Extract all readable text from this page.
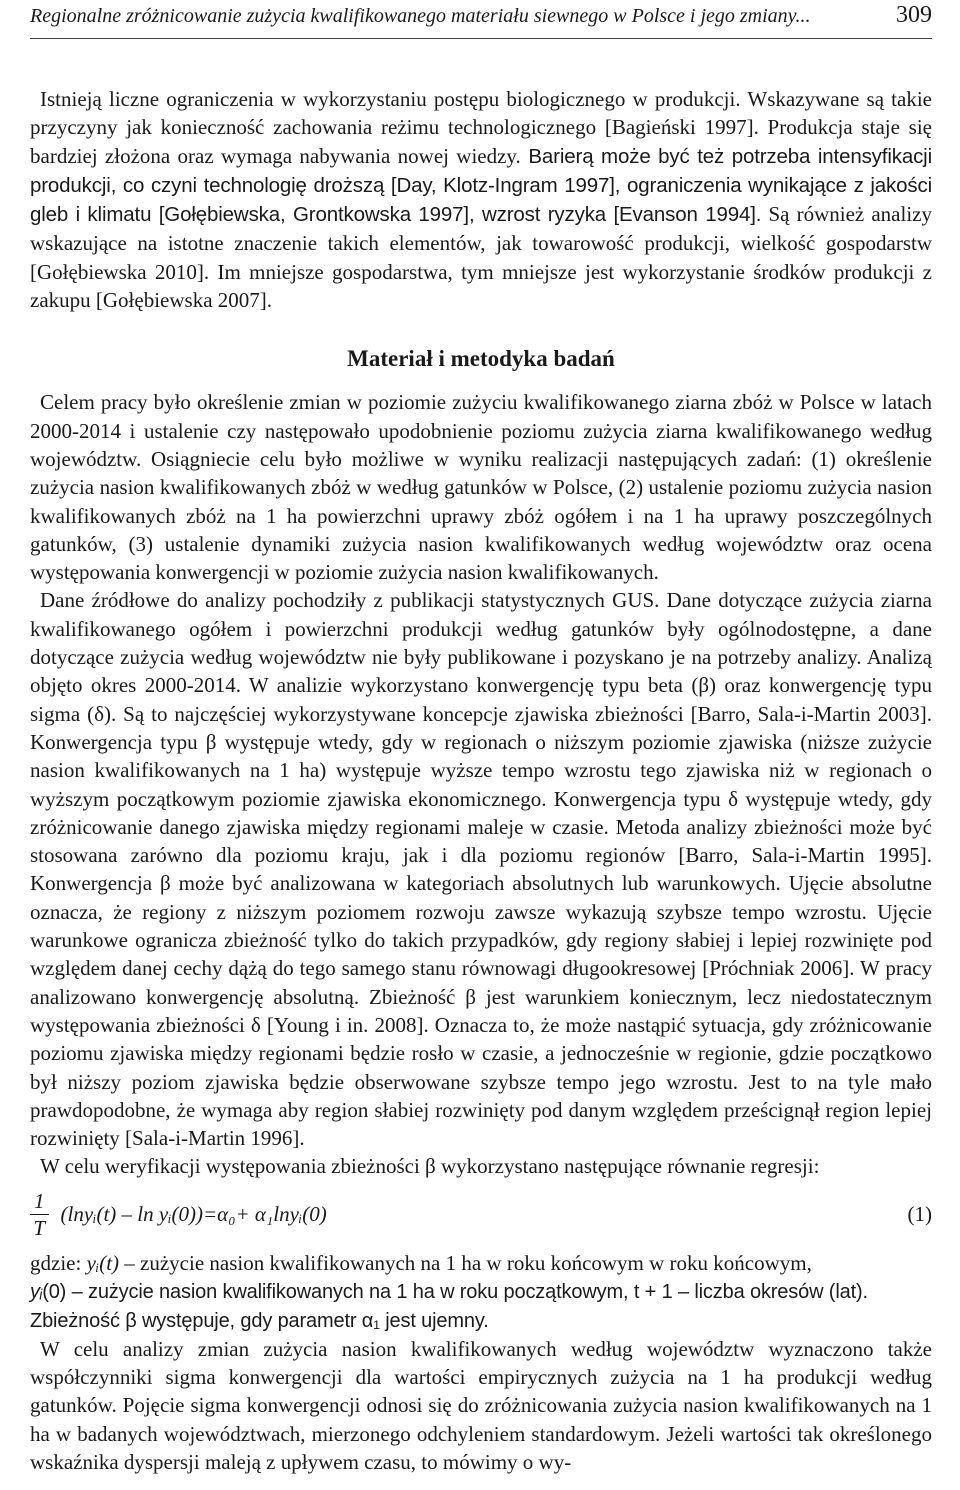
Regionalne zróżnicowanie zużycia kwalifikowanego materiału siewnego w Polsce i jego zmiany...	309

Istnieją liczne ograniczenia w wykorzystaniu postępu biologicznego w produkcji. Wskazywane są takie przyczyny jak konieczność zachowania reżimu technologicznego [Bagieński 1997]. Produkcja staje się bardziej złożona oraz wymaga nabywania nowej wiedzy. Barierą może być też potrzeba intensyfikacji produkcji, co czyni technologię droższą [Day, Klotz-Ingram 1997], ograniczenia wynikające z jakości gleb i klimatu [Gołębiewska, Grontkowska 1997], wzrost ryzyka [Evanson 1994]. Są również analizy wskazujące na istotne znaczenie takich elementów, jak towarowość produkcji, wielkość gospodarstw [Gołębiewska 2010]. Im mniejsze gospodarstwa, tym mniejsze jest wykorzystanie środków produkcji z zakupu [Gołębiewska 2007].

Materiał i metodyka badań

Celem pracy było określenie zmian w poziomie zużyciu kwalifikowanego ziarna zbóż w Polsce w latach 2000-2014 i ustalenie czy następowało upodobnienie poziomu zużycia ziarna kwalifikowanego według województw. Osiągniecie celu było możliwe w wyniku realizacji następujących zadań: (1) określenie zużycia nasion kwalifikowanych zbóż w według gatunków w Polsce, (2) ustalenie poziomu zużycia nasion kwalifikowanych zbóż na 1 ha powierzchni uprawy zbóż ogółem i na 1 ha uprawy poszczególnych gatunków, (3) ustalenie dynamiki zużycia nasion kwalifikowanych według województw oraz ocena występowania konwergencji w poziomie zużycia nasion kwalifikowanych.

Dane źródłowe do analizy pochodziły z publikacji statystycznych GUS. Dane dotyczące zużycia ziarna kwalifikowanego ogółem i powierzchni produkcji według gatunków były ogólnodostępne, a dane dotyczące zużycia według województw nie były publikowane i pozyskano je na potrzeby analizy. Analizą objęto okres 2000-2014. W analizie wykorzystano konwergencję typu beta (β) oraz konwergencję typu sigma (δ). Są to najczęściej wykorzystywane koncepcje zjawiska zbieżności [Barro, Sala-i-Martin 2003]. Konwergencja typu β występuje wtedy, gdy w regionach o niższym poziomie zjawiska (niższe zużycie nasion kwalifikowanych na 1 ha) występuje wyższe tempo wzrostu tego zjawiska niż w regionach o wyższym początkowym poziomie zjawiska ekonomicznego. Konwergencja typu δ występuje wtedy, gdy zróżnicowanie danego zjawiska między regionami maleje w czasie. Metoda analizy zbieżności może być stosowana zarówno dla poziomu kraju, jak i dla poziomu regionów [Barro, Sala-i-Martin 1995]. Konwergencja β może być analizowana w kategoriach absolutnych lub warunkowych. Ujęcie absolutne oznacza, że regiony z niższym poziomem rozwoju zawsze wykazują szybsze tempo wzrostu. Ujęcie warunkowe ogranicza zbieżność tylko do takich przypadków, gdy regiony słabiej i lepiej rozwinięte pod względem danej cechy dążą do tego samego stanu równowagi długookresowej [Próchniak 2006]. W pracy analizowano konwergencję absolutną. Zbieżność β jest warunkiem koniecznym, lecz niedostatecznym występowania zbieżności δ [Young i in. 2008]. Oznacza to, że może nastąpić sytuacja, gdy zróżnicowanie poziomu zjawiska między regionami będzie rosło w czasie, a jednocześnie w regionie, gdzie początkowo był niższy poziom zjawiska będzie obserwowane szybsze tempo jego wzrostu. Jest to na tyle mało prawdopodobne, że wymaga aby region słabiej rozwinięty pod danym względem prześcignął region lepiej rozwinięty [Sala-i-Martin 1996].

W celu weryfikacji występowania zbieżności β wykorzystano następujące równanie regresji:

$\frac{1}{T}$ (lnyᵢ(t) – ln yᵢ(0))=α₀+ α₁lnyᵢ(0)	(1)

gdzie: yᵢ(t) – zużycie nasion kwalifikowanych na 1 ha w roku końcowym w roku końcowym,
yᵢ(0) – zużycie nasion kwalifikowanych na 1 ha w roku początkowym, t + 1 – liczba okresów (lat).
Zbieżność β występuje, gdy parametr α₁ jest ujemny.

W celu analizy zmian zużycia nasion kwalifikowanych według województw wyznaczono także współczynniki sigma konwergencji dla wartości empirycznych zużycia na 1 ha produkcji według gatunków. Pojęcie sigma konwergencji odnosi się do zróżnicowania zużycia nasion kwalifikowanych na 1 ha w badanych województwach, mierzonego odchyleniem standardowym. Jeżeli wartości tak określonego wskaźnika dyspersji maleją z upływem czasu, to mówimy o wy-
